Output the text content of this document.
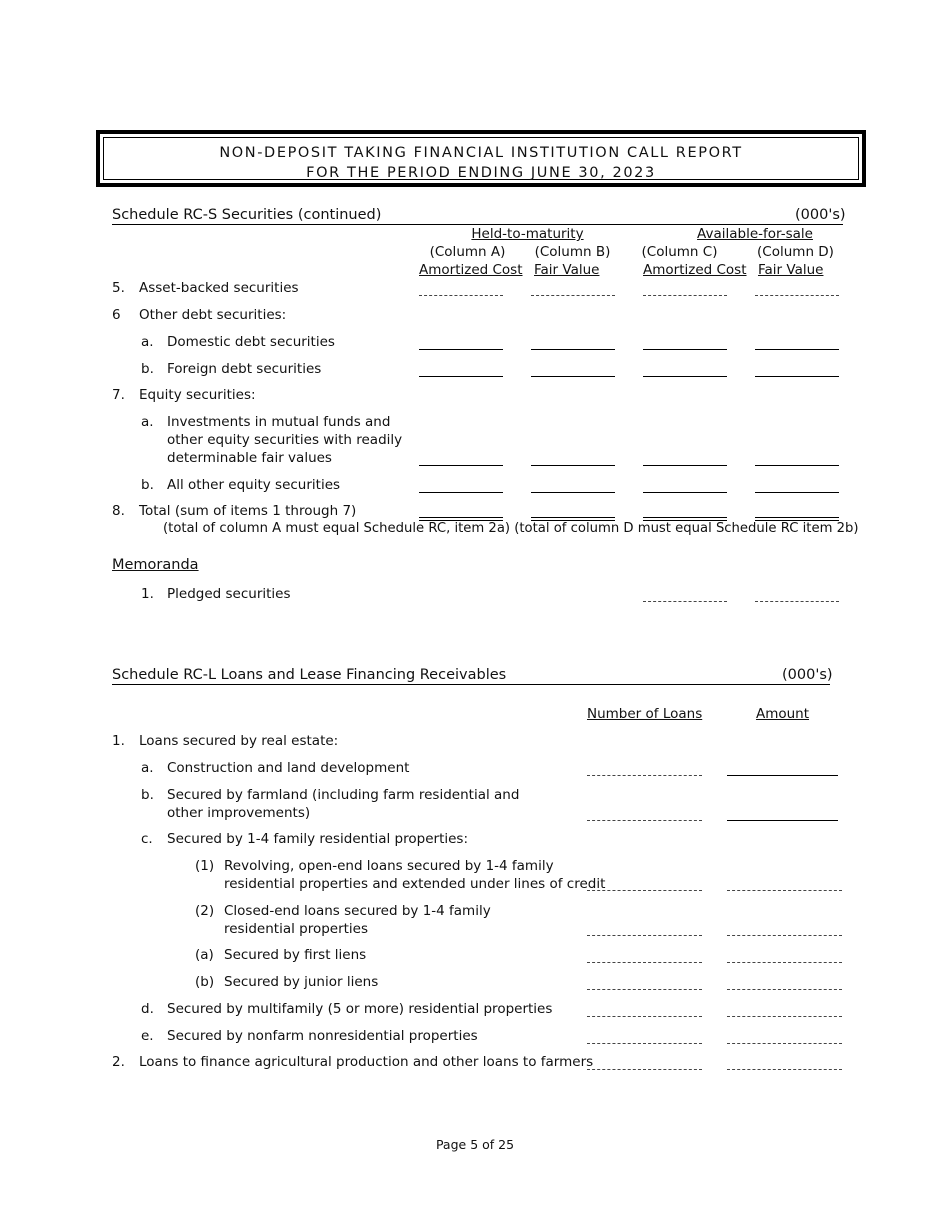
NON-DEPOSIT TAKING FINANCIAL INSTITUTION CALL REPORT
FOR THE PERIOD ENDING JUNE 30, 2023
Schedule RC-S Securities (continued)	(000's)
Held-to-maturity	Available-for-sale
(Column A)	(Column B)	(Column C)	(Column D)
Amortized Cost Fair Value	Amortized Cost Fair Value
5. Asset-backed securities
6 Other debt securities:
a. Domestic debt securities
b. Foreign debt securities
7. Equity securities:
a. Investments in mutual funds and
other equity securities with readily
determinable fair values
b. All other equity securities
8. Total (sum of items 1 through 7)
(total of column A must equal Schedule RC, item 2a) (total of column D must equal Schedule RC item 2b)
Memoranda
1. Pledged securities
Schedule RC-L Loans and Lease Financing Receivables	(000's)
Number of Loans	Amount
1. Loans secured by real estate:
a. Construction and land development
b. Secured by farmland (including farm residential and
other improvements)
c. Secured by 1-4 family residential properties:
(1) Revolving, open-end loans secured by 1-4 family
residential properties and extended under lines of credit
(2) Closed-end loans secured by 1-4 family
residential properties
(a) Secured by first liens
(b) Secured by junior liens
d. Secured by multifamily (5 or more) residential properties
e. Secured by nonfarm nonresidential properties
2. Loans to finance agricultural production and other loans to farmers
Page 5 of 25
